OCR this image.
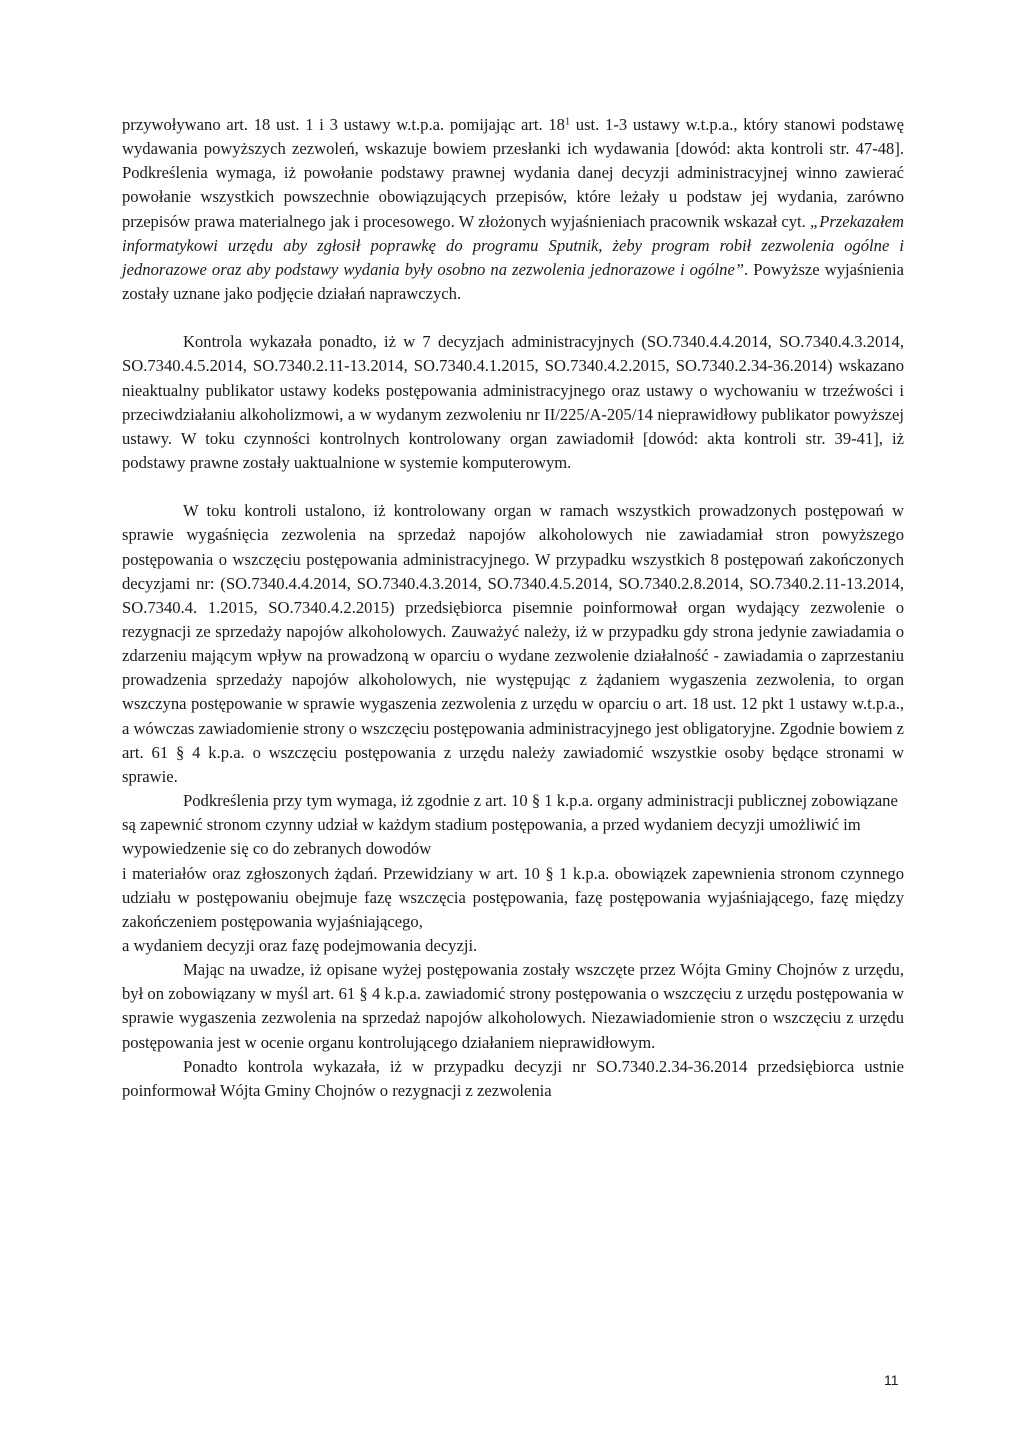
przywoływano art. 18 ust. 1 i 3 ustawy w.t.p.a. pomijając art. $18^1$ ust. 1-3 ustawy w.t.p.a., który stanowi podstawę wydawania powyższych zezwoleń, wskazuje bowiem przesłanki ich wydawania [dowód: akta kontroli str. 47-48]. Podkreślenia wymaga, iż powołanie podstawy prawnej wydania danej decyzji administracyjnej winno zawierać powołanie wszystkich powszechnie obowiązujących przepisów, które leżały u podstaw jej wydania, zarówno przepisów prawa materialnego jak i procesowego. W złożonych wyjaśnieniach pracownik wskazał cyt. „Przekazałem informatykowi urzędu aby zgłosił poprawkę do programu Sputnik, żeby program robił zezwolenia ogólne i jednorazowe oraz aby podstawy wydania były osobno na zezwolenia jednorazowe i ogólne”. Powyższe wyjaśnienia zostały uznane jako podjęcie działań naprawczych.

Kontrola wykazała ponadto, iż w 7 decyzjach administracyjnych (SO.7340.4.4.2014, SO.7340.4.3.2014, SO.7340.4.5.2014, SO.7340.2.11-13.2014, SO.7340.4.1.2015, SO.7340.4.2.2015, SO.7340.2.34-36.2014) wskazano nieaktualny publikator ustawy kodeks postępowania administracyjnego oraz ustawy o wychowaniu w trzeźwości i przeciwdziałaniu alkoholizmowi, a w wydanym zezwoleniu nr II/225/A-205/14 nieprawidłowy publikator powyższej ustawy. W toku czynności kontrolnych kontrolowany organ zawiadomił [dowód: akta kontroli str. 39-41], iż podstawy prawne zostały uaktualnione w systemie komputerowym.

W toku kontroli ustalono, iż kontrolowany organ w ramach wszystkich prowadzonych postępowań w sprawie wygaśnięcia zezwolenia na sprzedaż napojów alkoholowych nie zawiadamiał stron powyższego postępowania o wszczęciu postępowania administracyjnego. W przypadku wszystkich 8 postępowań zakończonych decyzjami nr: (SO.7340.4.4.2014, SO.7340.4.3.2014, SO.7340.4.5.2014, SO.7340.2.8.2014, SO.7340.2.11-13.2014, SO.7340.4. 1.2015, SO.7340.4.2.2015) przedsiębiorca pisemnie poinformował organ wydający zezwolenie o rezygnacji ze sprzedaży napojów alkoholowych. Zauważyć należy, iż w przypadku gdy strona jedynie zawiadamia o zdarzeniu mającym wpływ na prowadzoną w oparciu o wydane zezwolenie działalność - zawiadamia o zaprzestaniu prowadzenia sprzedaży napojów alkoholowych, nie występując z żądaniem wygaszenia zezwolenia, to organ wszczyna postępowanie w sprawie wygaszenia zezwolenia z urzędu w oparciu o art. 18 ust. 12 pkt 1 ustawy w.t.p.a., a wówczas zawiadomienie strony o wszczęciu postępowania administracyjnego jest obligatoryjne. Zgodnie bowiem z art. 61 § 4 k.p.a. o wszczęciu postępowania z urzędu należy zawiadomić wszystkie osoby będące stronami w sprawie.

Podkreślenia przy tym wymaga, iż zgodnie z art. 10 § 1 k.p.a. organy administracji publicznej zobowiązane są zapewnić stronom czynny udział w każdym stadium postępowania, a przed wydaniem decyzji umożliwić im wypowiedzenie się co do zebranych dowodów

i materiałów oraz zgłoszonych żądań. Przewidziany w art. 10 § 1 k.p.a. obowiązek zapewnienia stronom czynnego udziału w postępowaniu obejmuje fazę wszczęcia postępowania, fazę postępowania wyjaśniającego, fazę między zakończeniem postępowania wyjaśniającego,

a wydaniem decyzji oraz fazę podejmowania decyzji.

Mając na uwadze, iż opisane wyżej postępowania zostały wszczęte przez Wójta Gminy Chojnów z urzędu, był on zobowiązany w myśl art. 61 § 4 k.p.a. zawiadomić strony postępowania o wszczęciu z urzędu postępowania w sprawie wygaszenia zezwolenia na sprzedaż napojów alkoholowych. Niezawiadomienie stron o wszczęciu z urzędu postępowania jest w ocenie organu kontrolującego działaniem nieprawidłowym.

Ponadto kontrola wykazała, iż w przypadku decyzji nr SO.7340.2.34-36.2014 przedsiębiorca ustnie poinformował Wójta Gminy Chojnów o rezygnacji z zezwolenia

11
